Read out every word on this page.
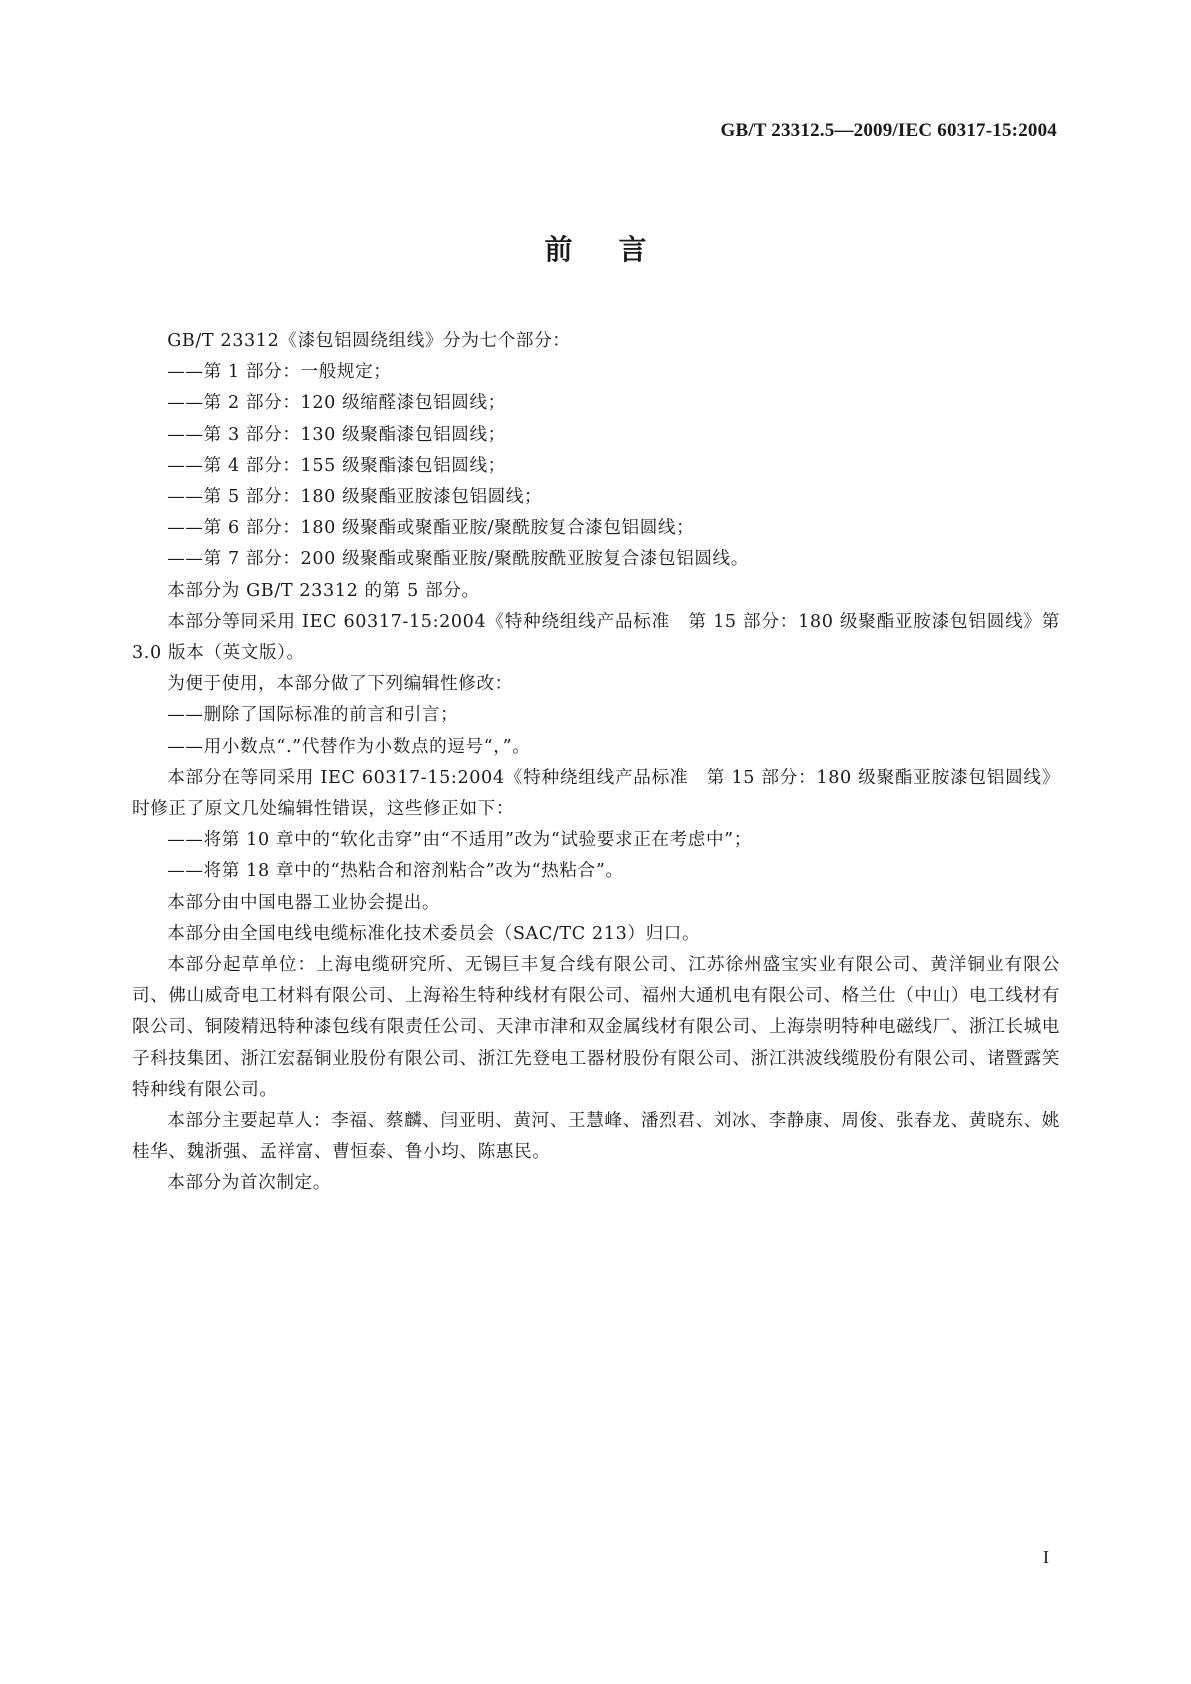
GB/T 23312.5—2009/IEC 60317-15:2004
前言

GB/T 23312《漆包铝圆绕组线》分为七个部分：

——第 1 部分：一般规定；

——第 2 部分：120 级缩醛漆包铝圆线；

——第 3 部分：130 级聚酯漆包铝圆线；

——第 4 部分：155 级聚酯漆包铝圆线；

——第 5 部分：180 级聚酯亚胺漆包铝圆线；

——第 6 部分：180 级聚酯或聚酯亚胺/聚酰胺复合漆包铝圆线；

——第 7 部分：200 级聚酯或聚酯亚胺/聚酰胺酰亚胺复合漆包铝圆线。

本部分为 GB/T 23312 的第 5 部分。

本部分等同采用 IEC 60317-15:2004《特种绕组线产品标准　第 15 部分：180 级聚酯亚胺漆包铝圆线》第 3.0 版本（英文版）。

为便于使用，本部分做了下列编辑性修改：

——删除了国际标准的前言和引言；

——用小数点“.”代替作为小数点的逗号“，”。

本部分在等同采用 IEC 60317-15:2004《特种绕组线产品标准　第 15 部分：180 级聚酯亚胺漆包铝圆线》时修正了原文几处编辑性错误，这些修正如下：

——将第 10 章中的“软化击穿”由“不适用”改为“试验要求正在考虑中”；

——将第 18 章中的“热粘合和溶剂粘合”改为“热粘合”。

本部分由中国电器工业协会提出。

本部分由全国电线电缆标准化技术委员会（SAC/TC 213）归口。

本部分起草单位：上海电缆研究所、无锡巨丰复合线有限公司、江苏徐州盛宝实业有限公司、黄洋铜业有限公司、佛山威奇电工材料有限公司、上海裕生特种线材有限公司、福州大通机电有限公司、格兰仕（中山）电工线材有限公司、铜陵精迅特种漆包线有限责任公司、天津市津和双金属线材有限公司、上海崇明特种电磁线厂、浙江长城电子科技集团、浙江宏磊铜业股份有限公司、浙江先登电工器材股份有限公司、浙江洪波线缆股份有限公司、诸暨露笑特种线有限公司。

本部分主要起草人：李福、蔡麟、闫亚明、黄河、王慧峰、潘烈君、刘冰、李静康、周俊、张春龙、黄晓东、姚桂华、魏浙强、孟祥富、曹恒泰、鲁小均、陈惠民。

本部分为首次制定。

I
